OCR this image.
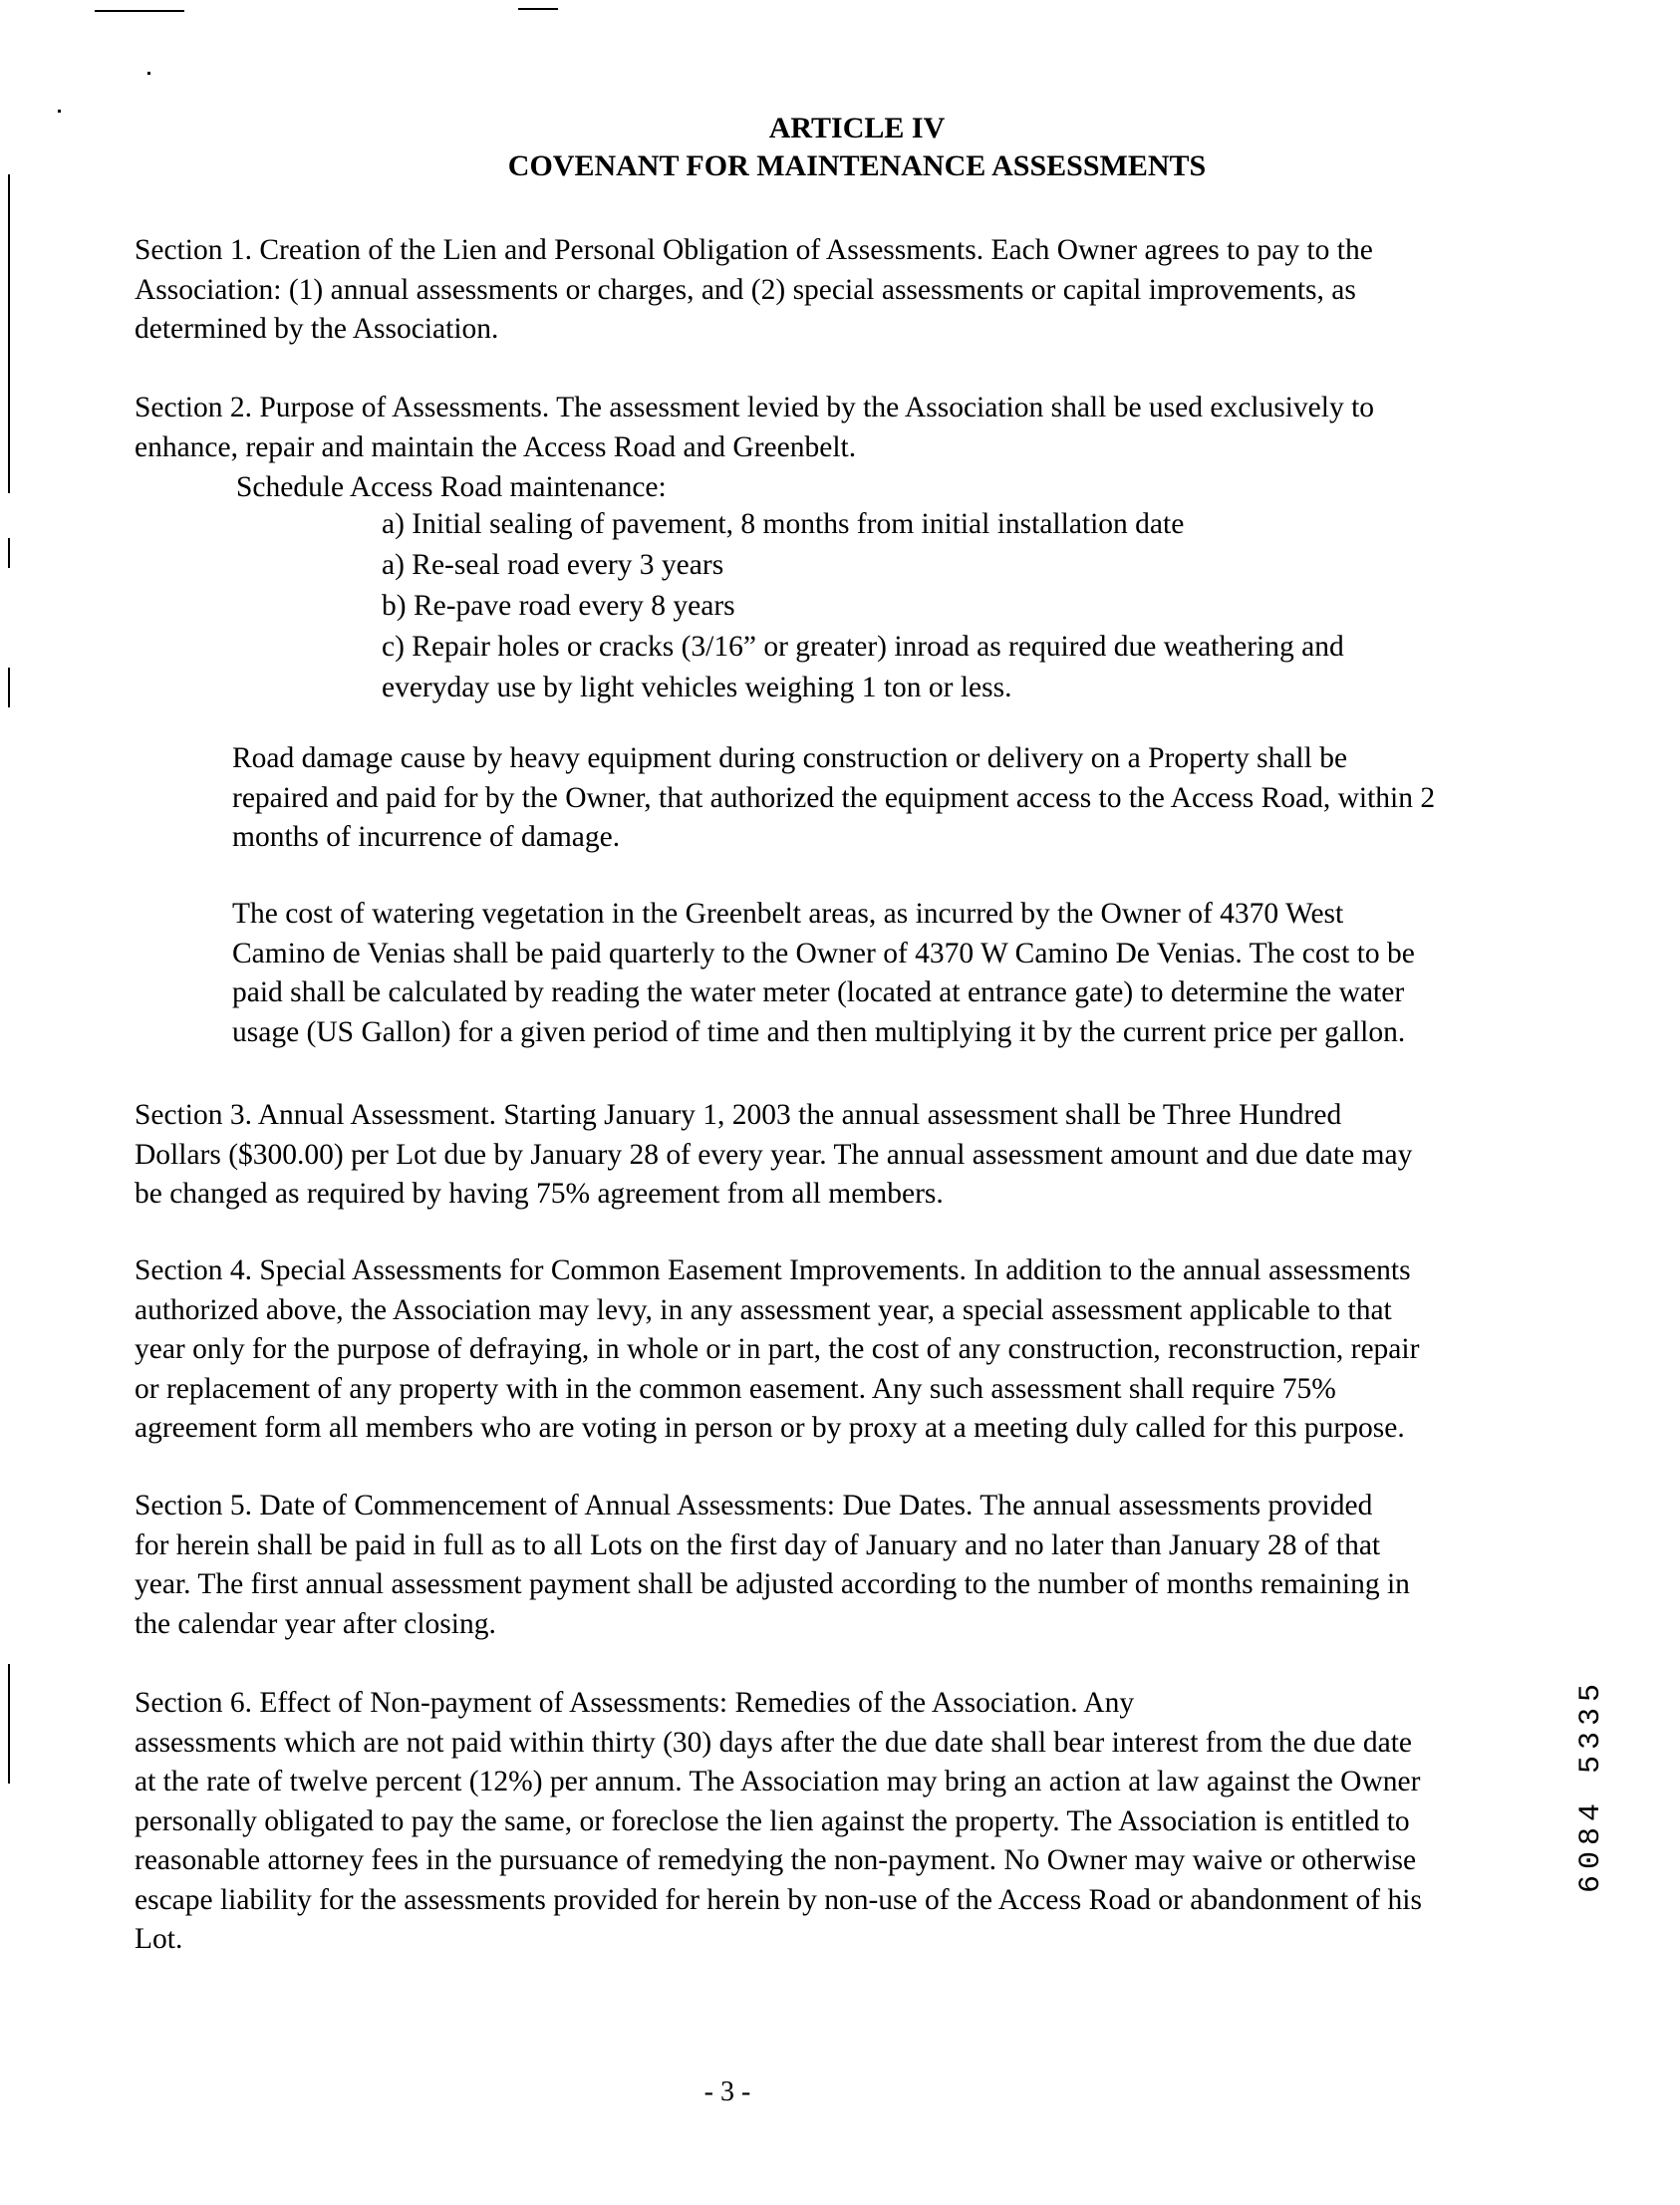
ARTICLE IV
COVENANT FOR MAINTENANCE ASSESSMENTS
Section 1. Creation of the Lien and Personal Obligation of Assessments. Each Owner agrees to pay to the
Association: (1) annual assessments or charges, and (2) special assessments or capital improvements, as
determined by the Association.
Section 2. Purpose of Assessments. The assessment levied by the Association shall be used exclusively to
enhance, repair and maintain the Access Road and Greenbelt.
Schedule Access Road maintenance:
a) Initial sealing of pavement, 8 months from initial installation date
a) Re-seal road every 3 years
b) Re-pave road every 8 years
c) Repair holes or cracks (3/16” or greater) inroad as required due weathering and
everyday use by light vehicles weighing 1 ton or less.
Road damage cause by heavy equipment during construction or delivery on a Property shall be
repaired and paid for by the Owner, that authorized the equipment access to the Access Road, within 2
months of incurrence of damage.
The cost of watering vegetation in the Greenbelt areas, as incurred by the Owner of 4370 West
Camino de Venias shall be paid quarterly to the Owner of 4370 W Camino De Venias. The cost to be
paid shall be calculated by reading the water meter (located at entrance gate) to determine the water
usage (US Gallon) for a given period of time and then multiplying it by the current price per gallon.
Section 3. Annual Assessment. Starting January 1, 2003 the annual assessment shall be Three Hundred
Dollars ($300.00) per Lot due by January 28 of every year. The annual assessment amount and due date may
be changed as required by having 75% agreement from all members.
Section 4. Special Assessments for Common Easement Improvements. In addition to the annual assessments
authorized above, the Association may levy, in any assessment year, a special assessment applicable to that
year only for the purpose of defraying, in whole or in part, the cost of any construction, reconstruction, repair
or replacement of any property with in the common easement. Any such assessment shall require 75%
agreement form all members who are voting in person or by proxy at a meeting duly called for this purpose.
Section 5. Date of Commencement of Annual Assessments: Due Dates. The annual assessments provided
for herein shall be paid in full as to all Lots on the first day of January and no later than January 28 of that
year. The first annual assessment payment shall be adjusted according to the number of months remaining in
the calendar year after closing.
Section 6. Effect of Non-payment of Assessments: Remedies of the Association. Any
assessments which are not paid within thirty (30) days after the due date shall bear interest from the due date
at the rate of twelve percent (12%) per annum. The Association may bring an action at law against the Owner
personally obligated to pay the same, or foreclose the lien against the property. The Association is entitled to
reasonable attorney fees in the pursuance of remedying the non-payment. No Owner may waive or otherwise
escape liability for the assessments provided for herein by non-use of the Access Road or abandonment of his
Lot.
- 3 -
6084 5335
